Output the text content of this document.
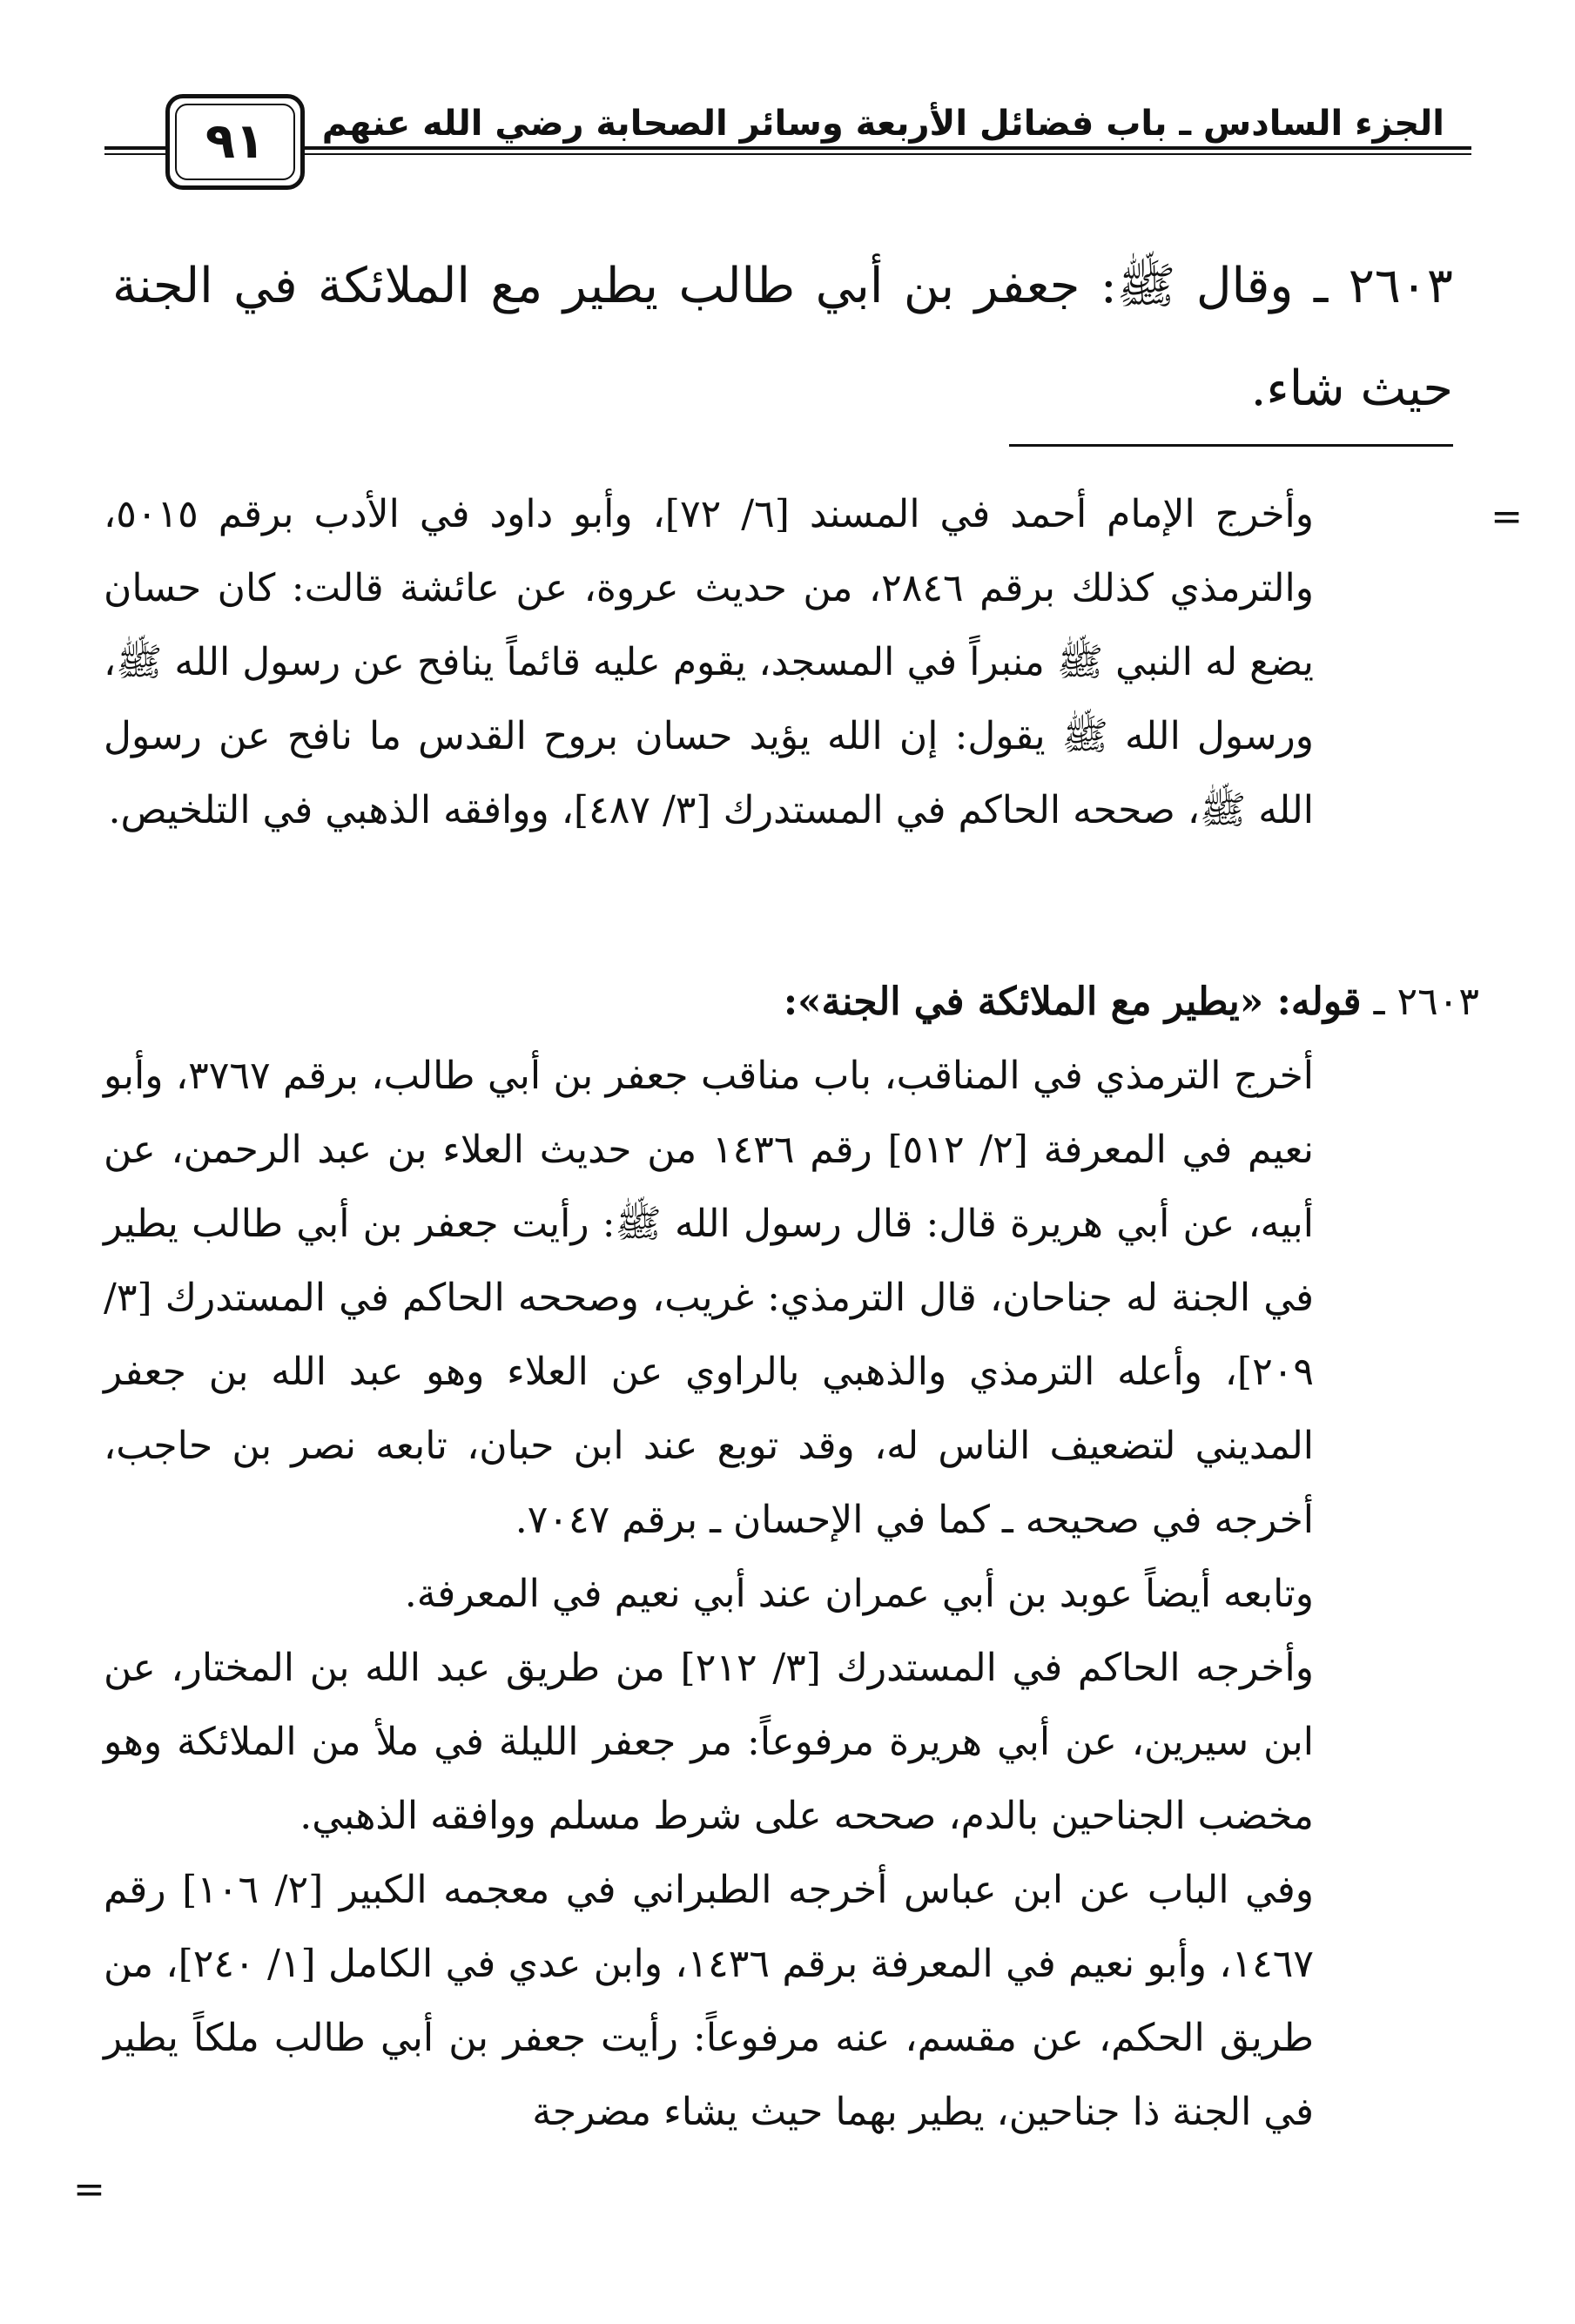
الجزء السادس ـ باب فضائل الأربعة وسائر الصحابة رضي الله عنهم
٩١
٢٦٠٣ ـ وقال ﷺ: جعفر بن أبي طالب يطير مع الملائكة في الجنة حيث شاء.
=
وأخرج الإمام أحمد في المسند [٦/ ٧٢]، وأبو داود في الأدب برقم ٥٠١٥، والترمذي كذلك برقم ٢٨٤٦، من حديث عروة، عن عائشة قالت: كان حسان يضع له النبي ﷺ منبراً في المسجد، يقوم عليه قائماً ينافح عن رسول الله ﷺ، ورسول الله ﷺ يقول: إن الله يؤيد حسان بروح القدس ما نافح عن رسول الله ﷺ، صححه الحاكم في المستدرك [٣/ ٤٨٧]، ووافقه الذهبي في التلخيص.
٢٦٠٣ ـ قوله: «يطير مع الملائكة في الجنة»:

أخرج الترمذي في المناقب، باب مناقب جعفر بن أبي طالب، برقم ٣٧٦٧، وأبو نعيم في المعرفة [٢/ ٥١٢] رقم ١٤٣٦ من حديث العلاء بن عبد الرحمن، عن أبيه، عن أبي هريرة قال: قال رسول الله ﷺ: رأيت جعفر بن أبي طالب يطير في الجنة له جناحان، قال الترمذي: غريب، وصححه الحاكم في المستدرك [٣/ ٢٠٩]، وأعله الترمذي والذهبي بالراوي عن العلاء وهو عبد الله بن جعفر المديني لتضعيف الناس له، وقد توبع عند ابن حبان، تابعه نصر بن حاجب، أخرجه في صحيحه ـ كما في الإحسان ـ برقم ٧٠٤٧.

وتابعه أيضاً عوبد بن أبي عمران عند أبي نعيم في المعرفة.

وأخرجه الحاكم في المستدرك [٣/ ٢١٢] من طريق عبد الله بن المختار، عن ابن سيرين، عن أبي هريرة مرفوعاً: مر جعفر الليلة في ملأ من الملائكة وهو مخضب الجناحين بالدم، صححه على شرط مسلم ووافقه الذهبي.

وفي الباب عن ابن عباس أخرجه الطبراني في معجمه الكبير [٢/ ١٠٦] رقم ١٤٦٧، وأبو نعيم في المعرفة برقم ١٤٣٦، وابن عدي في الكامل [١/ ٢٤٠]، من طريق الحكم، عن مقسم، عنه مرفوعاً: رأيت جعفر بن أبي طالب ملكاً يطير في الجنة ذا جناحين، يطير بهما حيث يشاء مضرجة

=
